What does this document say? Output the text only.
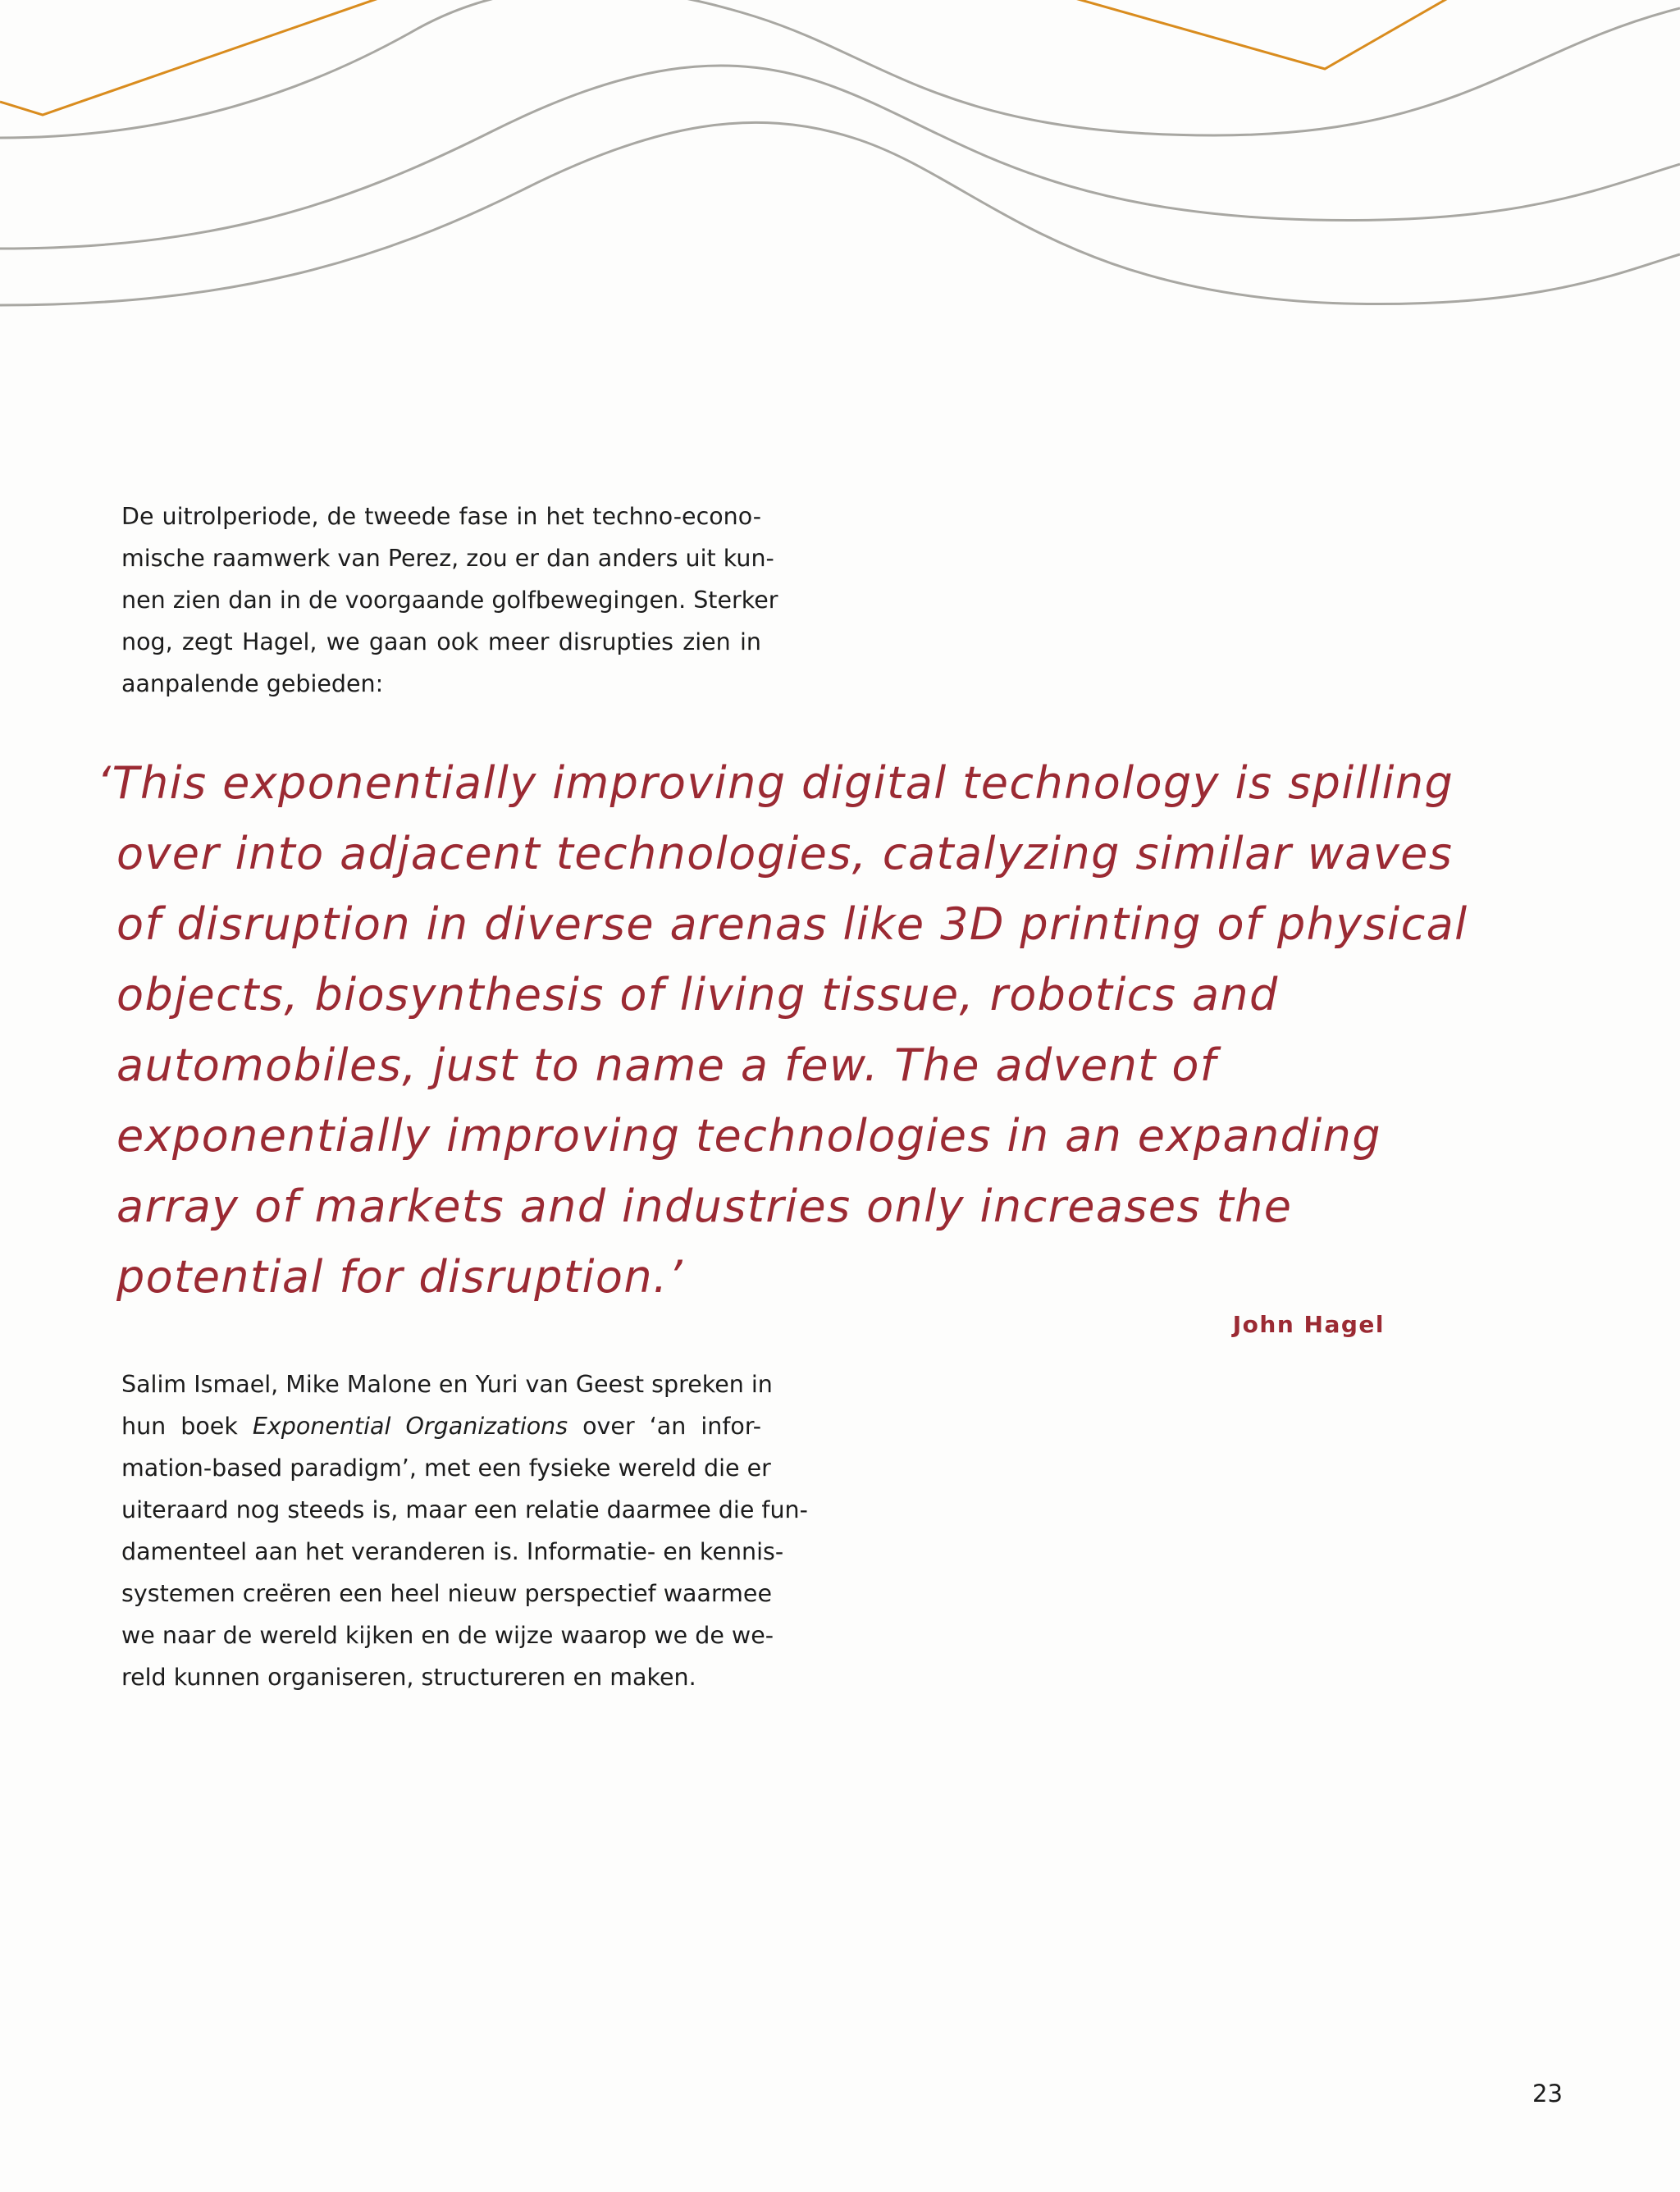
De uitrolperiode, de tweede fase in het techno-econo-
mische raamwerk van Perez, zou er dan anders uit kun-
nen zien dan in de voorgaande golfbewegingen. Sterker
nog, zegt Hagel, we gaan ook meer disrupties zien in
aanpalende gebieden:
‘This exponentially improving digital technology is spilling
over into adjacent technologies, catalyzing similar waves
of disruption in diverse arenas like 3D printing of physical
objects, biosynthesis of living tissue, robotics and
automobiles, just to name a few. The advent of
exponentially improving technologies in an expanding
array of markets and industries only increases the
potential for disruption.’
John Hagel
Salim Ismael, Mike Malone en Yuri van Geest spreken in
hun boek Exponential Organizations over ‘an infor-
mation-based paradigm’, met een fysieke wereld die er
uiteraard nog steeds is, maar een relatie daarmee die fun-
damenteel aan het veranderen is. Informatie- en kennis-
systemen creëren een heel nieuw perspectief waarmee
we naar de wereld kijken en de wijze waarop we de we-
reld kunnen organiseren, structureren en maken.
23
